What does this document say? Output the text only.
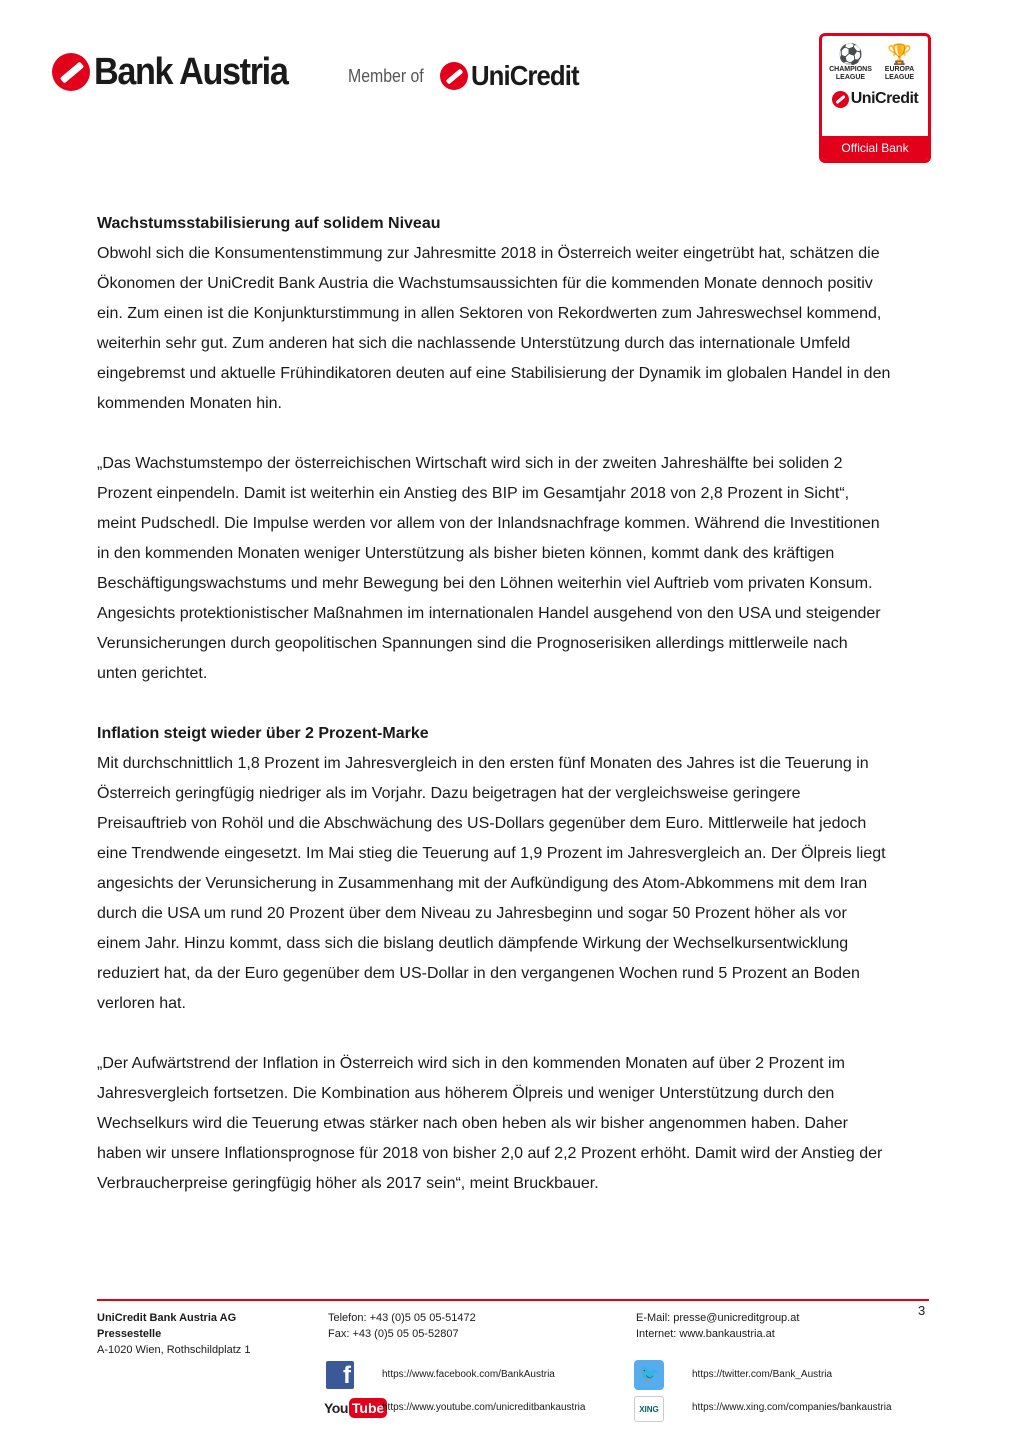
Bank Austria	Member of UniCredit
⚽
CHAMPIONS
LEAGUE
🏆
EUROPA
LEAGUE
UniCredit
Official Bank
Wachstumsstabilisierung auf solidem Niveau

Obwohl sich die Konsumentenstimmung zur Jahresmitte 2018 in Österreich weiter eingetrübt hat, schätzen die Ökonomen der UniCredit Bank Austria die Wachstumsaussichten für die kommenden Monate dennoch positiv ein. Zum einen ist die Konjunkturstimmung in allen Sektoren von Rekordwerten zum Jahreswechsel kommend, weiterhin sehr gut. Zum anderen hat sich die nachlassende Unterstützung durch das internationale Umfeld eingebremst und aktuelle Frühindikatoren deuten auf eine Stabilisierung der Dynamik im globalen Handel in den kommenden Monaten hin.

„Das Wachstumstempo der österreichischen Wirtschaft wird sich in der zweiten Jahreshälfte bei soliden 2 Prozent einpendeln. Damit ist weiterhin ein Anstieg des BIP im Gesamtjahr 2018 von 2,8 Prozent in Sicht“, meint Pudschedl. Die Impulse werden vor allem von der Inlandsnachfrage kommen. Während die Investitionen in den kommenden Monaten weniger Unterstützung als bisher bieten können, kommt dank des kräftigen Beschäftigungswachstums und mehr Bewegung bei den Löhnen weiterhin viel Auftrieb vom privaten Konsum. Angesichts protektionistischer Maßnahmen im internationalen Handel ausgehend von den USA und steigender Verunsicherungen durch geopolitischen Spannungen sind die Prognoserisiken allerdings mittlerweile nach unten gerichtet.

Inflation steigt wieder über 2 Prozent-Marke

Mit durchschnittlich 1,8 Prozent im Jahresvergleich in den ersten fünf Monaten des Jahres ist die Teuerung in Österreich geringfügig niedriger als im Vorjahr. Dazu beigetragen hat der vergleichsweise geringere Preisauftrieb von Rohöl und die Abschwächung des US-Dollars gegenüber dem Euro. Mittlerweile hat jedoch eine Trendwende eingesetzt. Im Mai stieg die Teuerung auf 1,9 Prozent im Jahresvergleich an. Der Ölpreis liegt angesichts der Verunsicherung in Zusammenhang mit der Aufkündigung des Atom-Abkommens mit dem Iran durch die USA um rund 20 Prozent über dem Niveau zu Jahresbeginn und sogar 50 Prozent höher als vor einem Jahr. Hinzu kommt, dass sich die bislang deutlich dämpfende Wirkung der Wechselkursentwicklung reduziert hat, da der Euro gegenüber dem US-Dollar in den vergangenen Wochen rund 5 Prozent an Boden verloren hat.

„Der Aufwärtstrend der Inflation in Österreich wird sich in den kommenden Monaten auf über 2 Prozent im Jahresvergleich fortsetzen. Die Kombination aus höherem Ölpreis und weniger Unterstützung durch den Wechselkurs wird die Teuerung etwas stärker nach oben heben als wir bisher angenommen haben. Daher haben wir unsere Inflationsprognose für 2018 von bisher 2,0 auf 2,2 Prozent erhöht. Damit wird der Anstieg der Verbraucherpreise geringfügig höher als 2017 sein“, meint Bruckbauer.

3
UniCredit Bank Austria AG
Pressestelle
A-1020 Wien, Rothschildplatz 1
Telefon: +43 (0)5 05 05-51472
Fax: +43 (0)5 05 05-52807
E-Mail: presse@unicreditgroup.at
Internet: www.bankaustria.at
f	https://www.facebook.com/BankAustria
You Tube
https://www.youtube.com/unicreditbankaustria
🐦	https://twitter.com/Bank_Austria
XING	https://www.xing.com/companies/bankaustria
